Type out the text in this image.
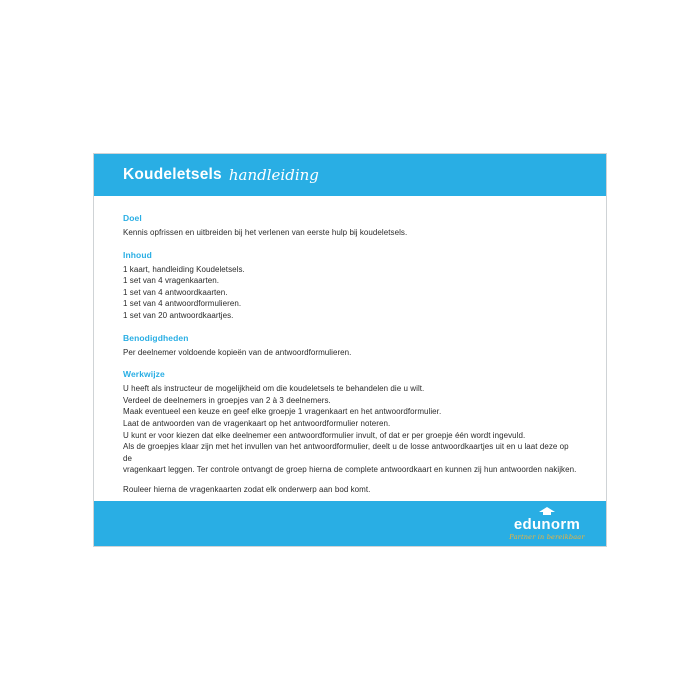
Koudeletsels handleiding
Doel
Kennis opfrissen en uitbreiden bij het verlenen van eerste hulp bij koudeletsels.
Inhoud
1 kaart, handleiding Koudeletsels.
1 set van 4 vragenkaarten.
1 set van 4 antwoordkaarten.
1 set van 4 antwoordformulieren.
1 set van 20 antwoordkaartjes.
Benodigdheden
Per deelnemer voldoende kopieën van de antwoordformulieren.
Werkwijze
U heeft als instructeur de mogelijkheid om die koudeletsels te behandelen die u wilt.
Verdeel de deelnemers in groepjes van 2 à 3 deelnemers.
Maak eventueel een keuze en geef elke groepje 1 vragenkaart en het antwoordformulier.
Laat de antwoorden van de vragenkaart op het antwoordformulier noteren.
U kunt er voor kiezen dat elke deelnemer een antwoordformulier invult, of dat er per groepje één wordt ingevuld.
Als de groepjes klaar zijn met het invullen van het antwoordformulier, deelt u de losse antwoordkaartjes uit en u laat deze op de
vragenkaart leggen. Ter controle ontvangt de groep hierna de complete antwoordkaart en kunnen zij hun antwoorden nakijken.
Rouleer hierna de vragenkaarten zodat elk onderwerp aan bod komt.
edunorm
Partner in bereikbaar
